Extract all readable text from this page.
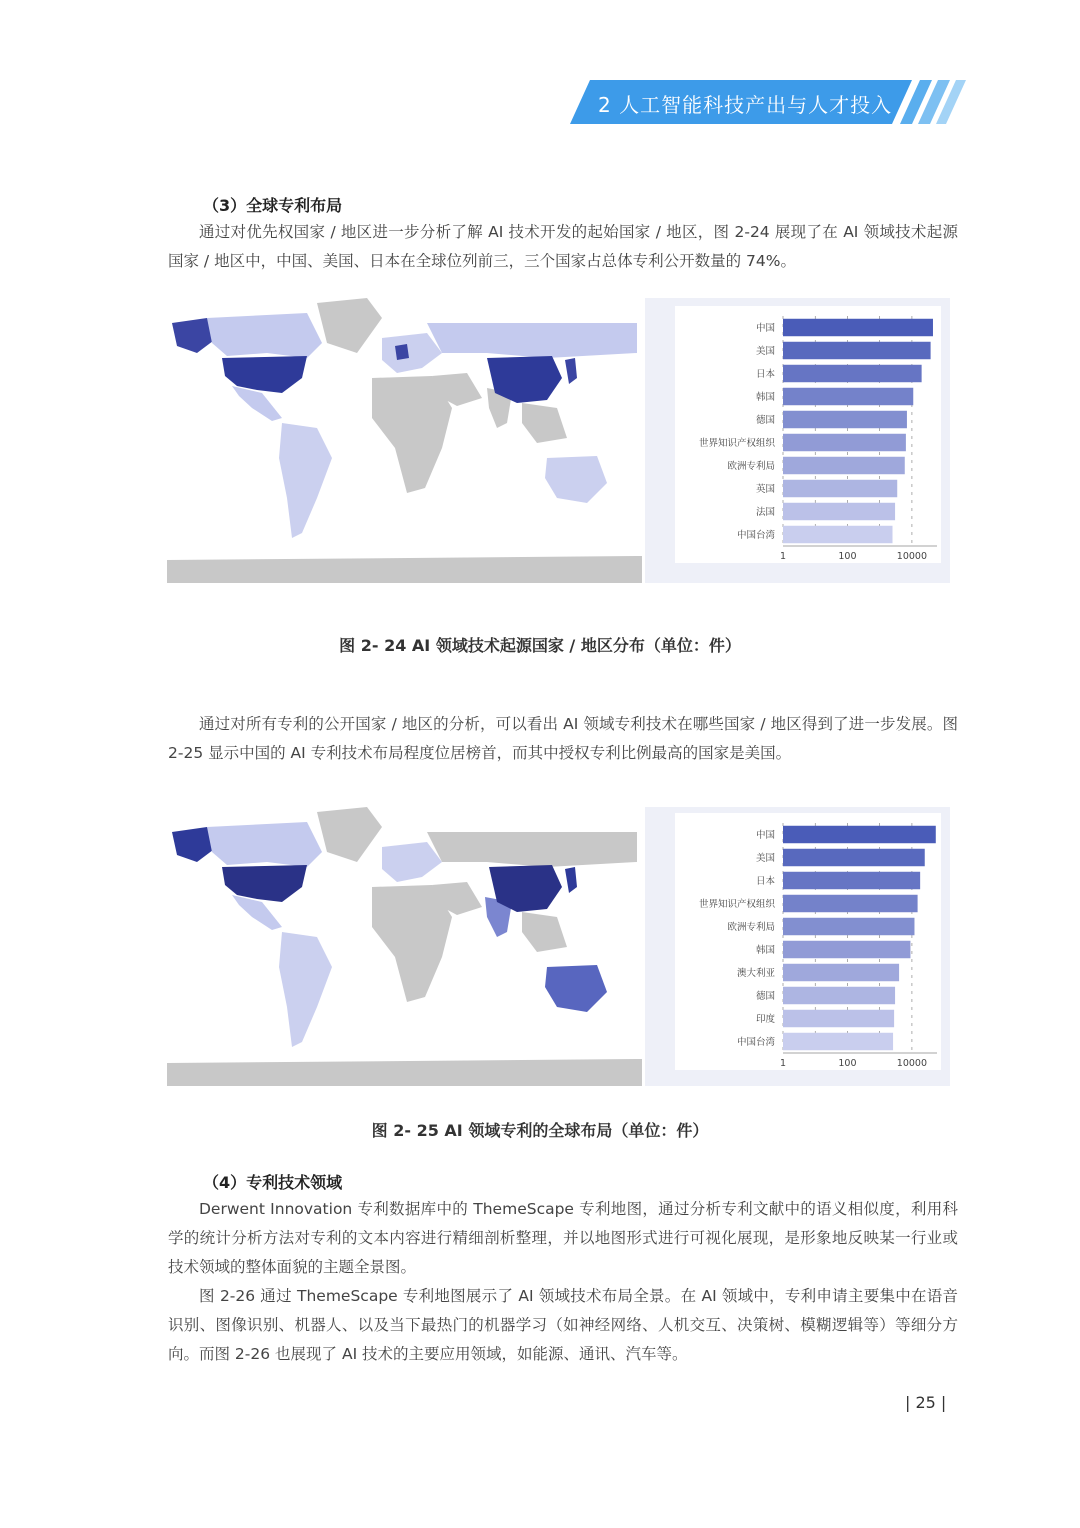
2 人工智能科技产出与人才投入
（3）全球专利布局

通过对优先权国家 / 地区进一步分析了解 AI 技术开发的起始国家 / 地区，图 2-24 展现了在 AI 领域技术起源国家 / 地区中，中国、美国、日本在全球位列前三，三个国家占总体专利公开数量的 74%。

中国
美国
日本
韩国
德国
世界知识产权组织
欧洲专利局
英国
法国
中国台湾
1	100	10000
图 2- 24 AI 领域技术起源国家 / 地区分布（单位：件）

通过对所有专利的公开国家 / 地区的分析，可以看出 AI 领域专利技术在哪些国家 / 地区得到了进一步发展。图 2-25 显示中国的 AI 专利技术布局程度位居榜首，而其中授权专利比例最高的国家是美国。

中国
美国
日本
世界知识产权组织
欧洲专利局
韩国
澳大利亚
德国
印度
中国台湾
1	100	10000
图 2- 25 AI 领域专利的全球布局（单位：件）
（4）专利技术领域

Derwent Innovation 专利数据库中的 ThemeScape 专利地图，通过分析专利文献中的语义相似度，利用科学的统计分析方法对专利的文本内容进行精细剖析整理，并以地图形式进行可视化展现，是形象地反映某一行业或技术领域的整体面貌的主题全景图。

图 2-26 通过 ThemeScape 专利地图展示了 AI 领域技术布局全景。在 AI 领域中，专利申请主要集中在语音识别、图像识别、机器人、以及当下最热门的机器学习（如神经网络、人机交互、决策树、模糊逻辑等）等细分方向。而图 2-26 也展现了 AI 技术的主要应用领域，如能源、通讯、汽车等。

| 25 |
